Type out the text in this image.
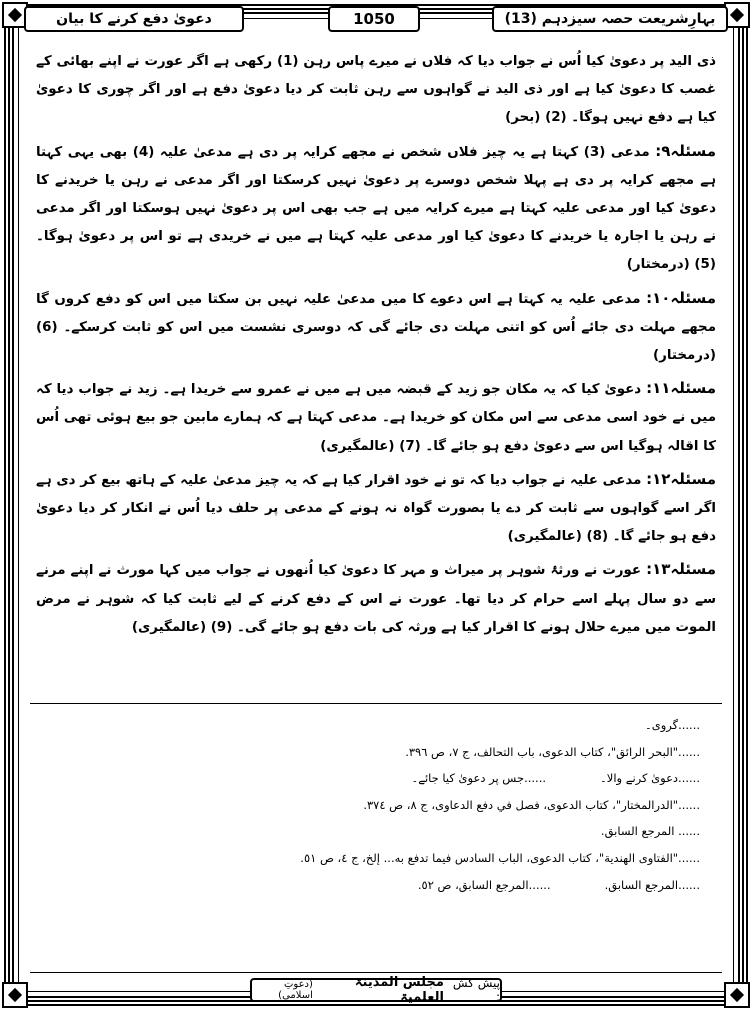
بہارِشریعت حصہ سیزدہم (13)
1050
دعویٰ دفع کرنے کا بیان

ذی الید پر دعویٰ کیا اُس نے جواب دیا کہ فلاں نے میرے پاس رہن (1) رکھی ہے اگر عورت نے اپنے بھائی کے غصب کا دعویٰ کیا ہے اور ذی الید نے گواہوں سے رہن ثابت کر دیا دعویٰ دفع ہے اور اگر چوری کا دعویٰ کیا ہے دفع نہیں ہوگا۔ (2) (بحر)

مسئلہ۹: مدعی (3) کہتا ہے یہ چیز فلاں شخص نے مجھے کرایہ پر دی ہے مدعیٰ علیہ (4) بھی یہی کہتا ہے مجھے کرایہ پر دی ہے پہلا شخص دوسرے پر دعویٰ نہیں کرسکتا اور اگر مدعی نے رہن یا خریدنے کا دعویٰ کیا اور مدعی علیہ کہتا ہے میرے کرایہ میں ہے جب بھی اس پر دعویٰ نہیں ہوسکتا اور اگر مدعی نے رہن یا اجارہ یا خریدنے کا دعویٰ کیا اور مدعی علیہ کہتا ہے میں نے خریدی ہے تو اس پر دعویٰ ہوگا۔ (5) (درمختار)

مسئلہ۱۰: مدعی علیہ یہ کہتا ہے اس دعوے کا میں مدعیٰ علیہ نہیں بن سکتا میں اس کو دفع کروں گا مجھے مہلت دی جائے اُس کو اتنی مہلت دی جائے گی کہ دوسری نشست میں اس کو ثابت کرسکے۔ (6) (درمختار)

مسئلہ۱۱: دعویٰ کیا کہ یہ مکان جو زید کے قبضہ میں ہے میں نے عمرو سے خریدا ہے۔ زید نے جواب دیا کہ میں نے خود اسی مدعی سے اس مکان کو خریدا ہے۔ مدعی کہتا ہے کہ ہمارے مابین جو بیع ہوئی تھی اُس کا اقالہ ہوگیا اس سے دعویٰ دفع ہو جائے گا۔ (7) (عالمگیری)

مسئلہ۱۲: مدعی علیہ نے جواب دیا کہ تو نے خود اقرار کیا ہے کہ یہ چیز مدعیٰ علیہ کے ہاتھ بیع کر دی ہے اگر اسے گواہوں سے ثابت کر دے یا بصورت گواہ نہ ہونے کے مدعی پر حلف دیا اُس نے انکار کر دیا دعویٰ دفع ہو جائے گا۔ (8) (عالمگیری)

مسئلہ۱۳: عورت نے ورثۂ شوہر پر میراث و مہر کا دعویٰ کیا اُنھوں نے جواب میں کہا مورث نے اپنے مرنے سے دو سال پہلے اسے حرام کر دیا تھا۔ عورت نے اس کے دفع کرنے کے لیے ثابت کیا کہ شوہر نے مرض الموت میں میرے حلال ہونے کا اقرار کیا ہے ورثہ کی بات دفع ہو جائے گی۔ (9) (عالمگیری)

......گروی۔

......"البحر الرائق"، كتاب الدعوى، باب التحالف، ج ٧، ص ٣٩٦.

......دعویٰ کرنے والا۔
......جس پر دعویٰ کیا جائے۔

......"الدرالمختار"، كتاب الدعوى، فصل في دفع الدعاوى، ج ٨، ص ٣٧٤.

...... المرجع السابق.

......"الفتاوى الهندية"، كتاب الدعوى، الباب السادس فيما تدفع به... إلخ، ج ٤، ص ٥١.

......المرجع السابق.
......المرجع السابق، ص ٥٢.
پیش کش :
مجلس المدینۃ العلمیۃ
(دعوتِ اسلامی)
